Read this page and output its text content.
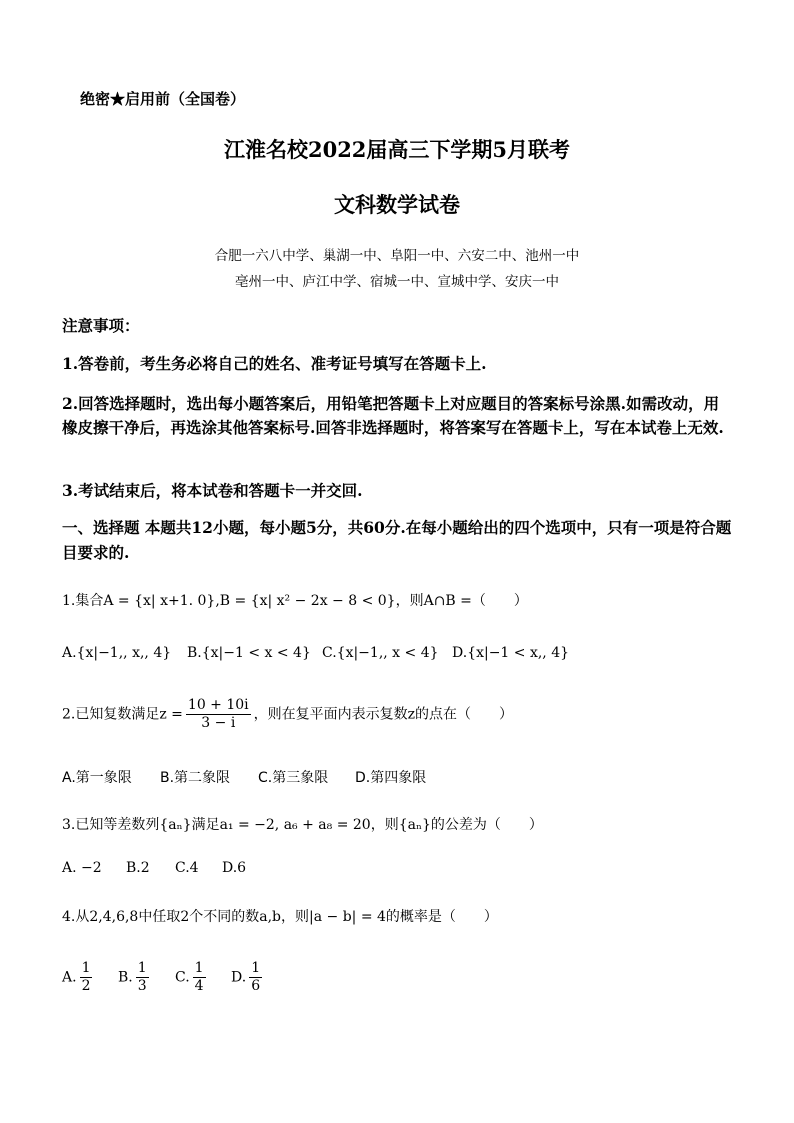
绝密★启用前（全国卷）
江淮名校2022届高三下学期5月联考
文科数学试卷
合肥一六八中学、巢湖一中、阜阳一中、六安二中、池州一中
亳州一中、庐江中学、宿城一中、宣城中学、安庆一中
注意事项：
1.答卷前，考生务必将自己的姓名、准考证号填写在答题卡上.
2.回答选择题时，选出每小题答案后，用铅笔把答题卡上对应题目的答案标号涂黑.如需改动，用橡皮擦干净后，再选涂其他答案标号.回答非选择题时，将答案写在答题卡上，写在本试卷上无效.
3.考试结束后，将本试卷和答题卡一并交回.
一、选择题 本题共12小题，每小题5分，共60分.在每小题给出的四个选项中，只有一项是符合题目要求的.
1.集合A = {x| x+1. 0},B = {x| x² − 2x − 8 < 0}，则A∩B =（　　）
A.{x|−1,, x,, 4} B.{x|−1 < x < 4} C.{x|−1,, x < 4} D.{x|−1 < x,, 4}
2.已知复数满足$z = \frac{10 + 10i}{3 - i}$ ，则在复平面内表示复数z的点在（　　）
A.第一象限 B.第二象限 C.第三象限 D.第四象限
3.已知等差数列{aₙ}满足a₁ = −2, a₆ + a₈ = 20，则{aₙ}的公差为（　　）
A. −2 B.2 C.4 D.6
4.从2,4,6,8中任取2个不同的数a,b，则|a − b| = 4的概率是（　　）
A. $\frac{1}{2} B$. $\frac{1}{3} C$. $\frac{1}{4} D$. $\frac{1}{6}$
